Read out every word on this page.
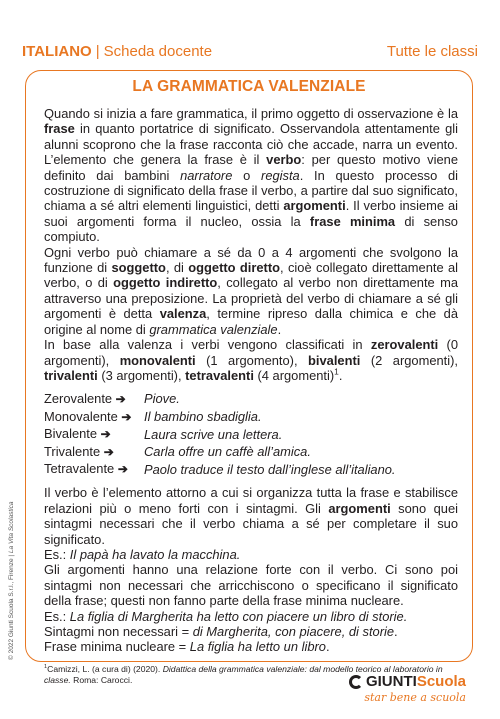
ITALIANO | Scheda docente	Tutte le classi
LA GRAMMATICA VALENZIALE

Quando si inizia a fare grammatica, il primo oggetto di osservazione è la frase in quanto portatrice di significato. Osservandola attentamente gli alunni scoprono che la frase racconta ciò che accade, narra un evento. L’elemento che genera la frase è il verbo: per questo motivo viene definito dai bambini narratore o regista. In questo processo di costruzione di significato della frase il verbo, a partire dal suo significato, chiama a sé altri elementi linguistici, detti argomenti. Il verbo insieme ai suoi argomenti forma il nucleo, ossia la frase minima di senso compiuto.

Ogni verbo può chiamare a sé da 0 a 4 argomenti che svolgono la funzione di soggetto, di oggetto diretto, cioè collegato direttamente al verbo, o di oggetto indiretto, collegato al verbo non direttamente ma attraverso una preposizione. La proprietà del verbo di chiamare a sé gli argomenti è detta valenza, termine ripreso dalla chimica e che dà origine al nome di grammatica valenziale.

In base alla valenza i verbi vengono classificati in zerovalenti (0 argomenti), monovalenti (1 argomento), bivalenti (2 argomenti), trivalenti (3 argomenti), tetravalenti (4 argomenti)$^1$.

Zerovalente ➔	Piove.
Monovalente ➔ Il bambino sbadiglia.
Bivalente ➔	Laura scrive una lettera.
Trivalente ➔	Carla offre un caffè all’amica.
Tetravalente ➔	Paolo traduce il testo dall’inglese all’italiano.

Il verbo è l’elemento attorno a cui si organizza tutta la frase e stabilisce relazioni più o meno forti con i sintagmi. Gli argomenti sono quei sintagmi necessari che il verbo chiama a sé per completare il suo significato.

Es.: Il papà ha lavato la macchina.

Gli argomenti hanno una relazione forte con il verbo. Ci sono poi sintagmi non necessari che arricchiscono o specificano il significato della frase; questi non fanno parte della frase minima nucleare.

Es.: La figlia di Margherita ha letto con piacere un libro di storie.

Sintagmi non necessari = di Margherita, con piacere, di storie.

Frase minima nucleare = La figlia ha letto un libro.

$^1$Camizzi, L. (a cura di) (2020). Didattica della grammatica valenziale: dal modello teorico al laboratorio in classe. Roma: Carocci.
© 2022 Giunti Scuola S.r.l., Firenze | La Vita Scolastica
GIUNTI Scuola
star bene a scuola
